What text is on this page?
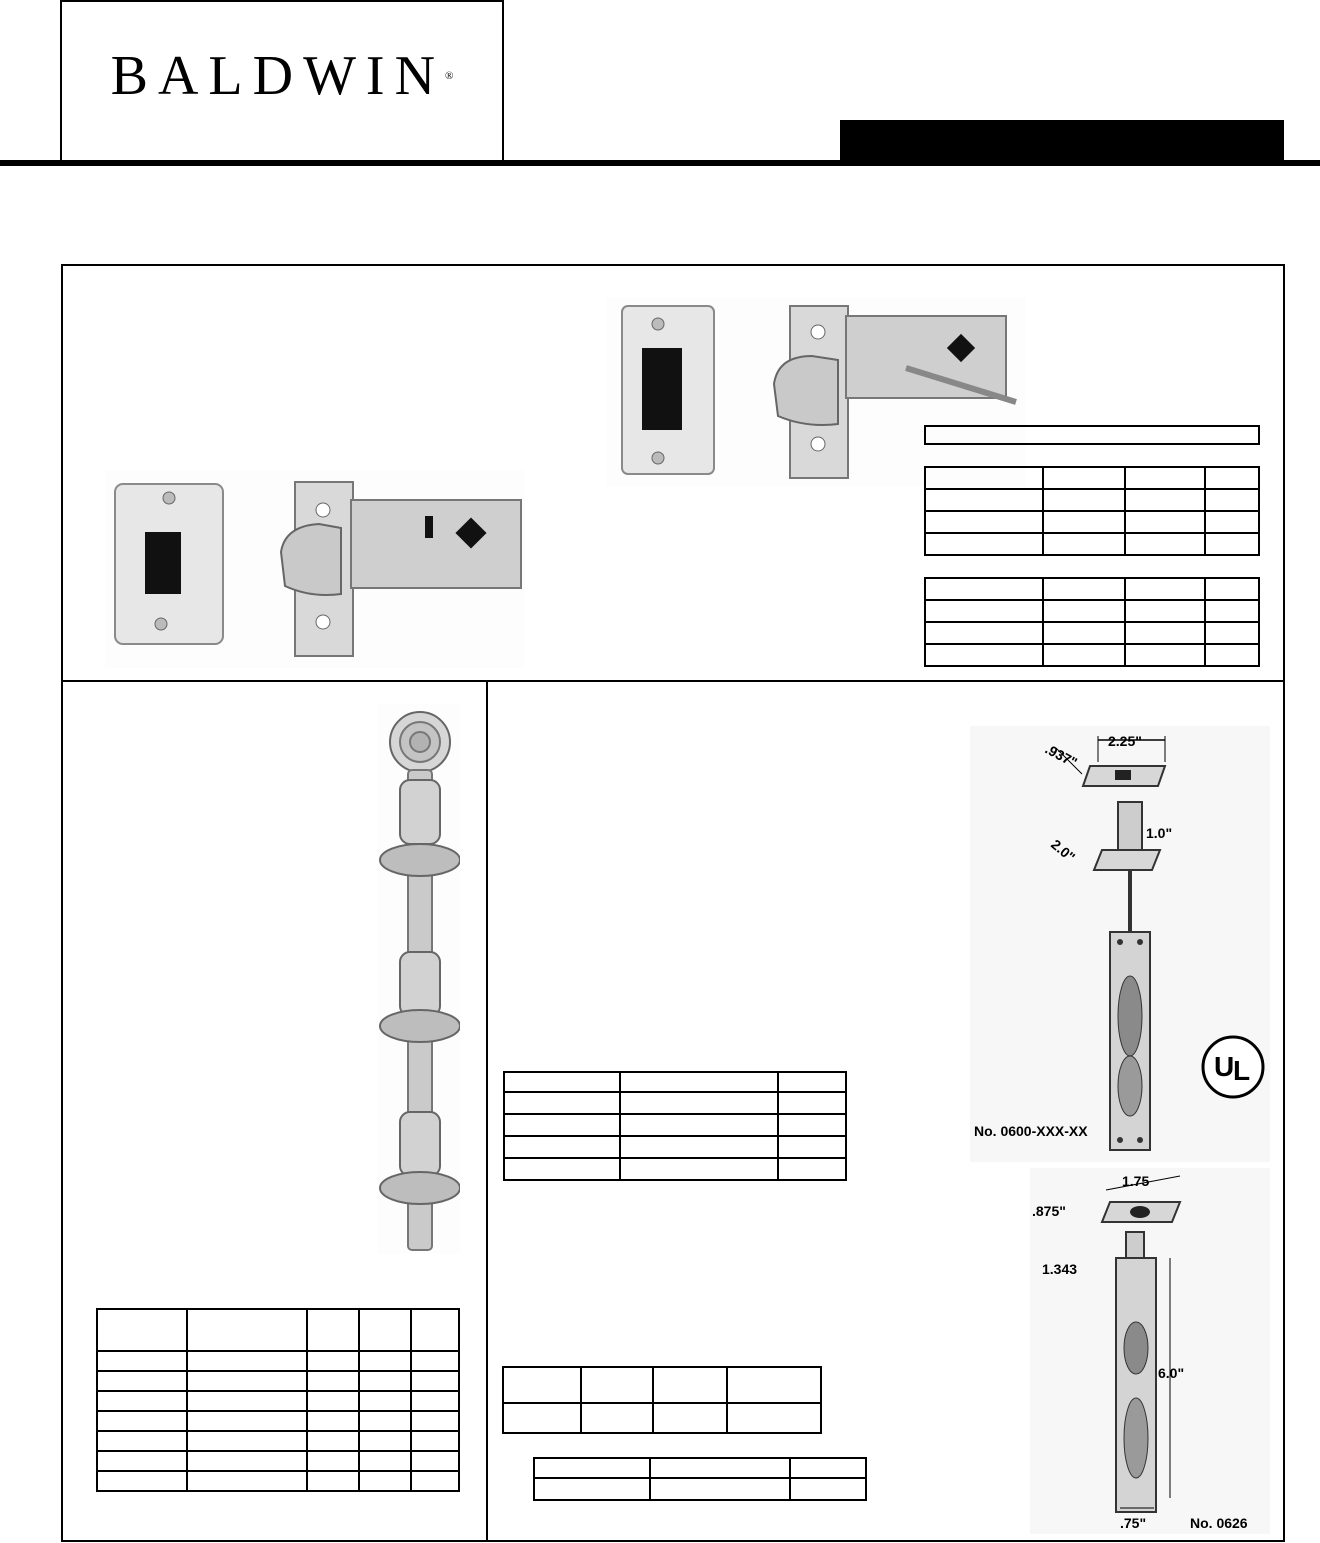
BALDWIN®

2.25"
.937"
1.0"
2.0"
No. 0600-XXX-XX
U
L
1.75
.875"
1.343
6.0"
.75"	No. 0626
